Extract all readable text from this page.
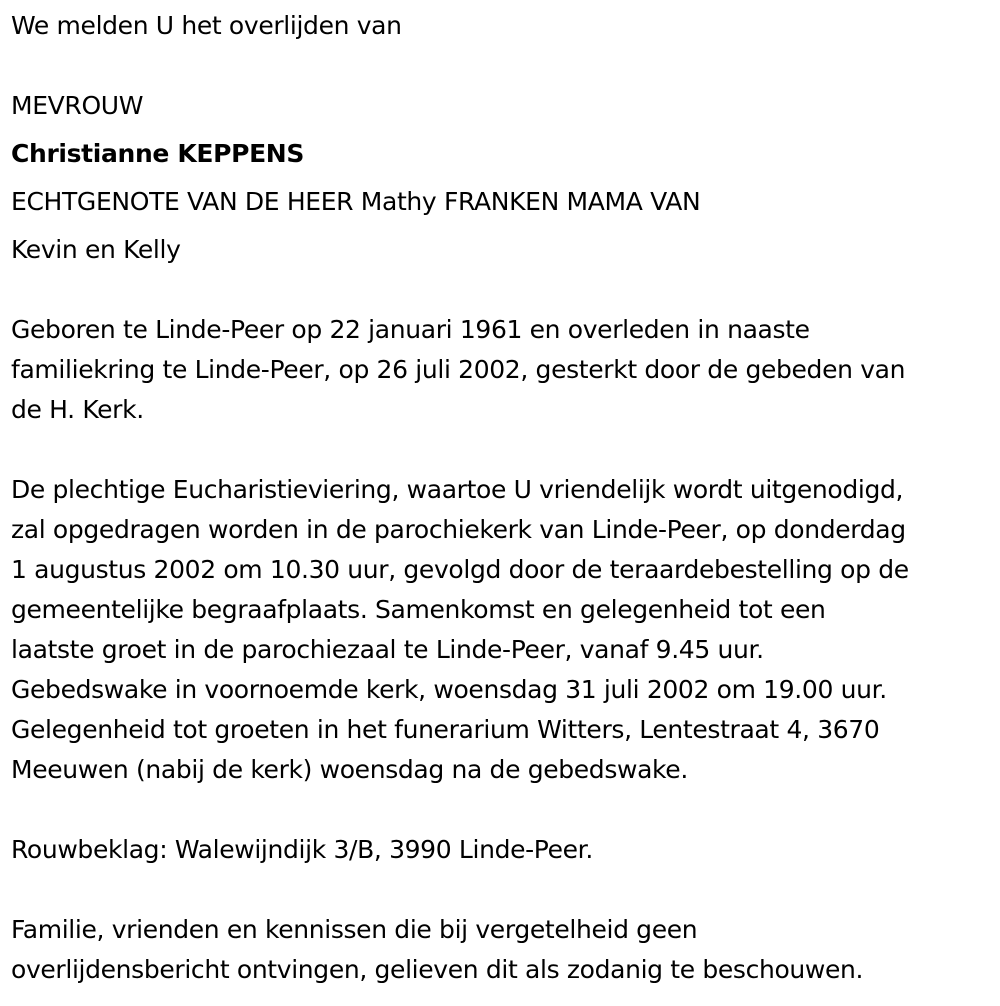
We melden U het overlijden van
MEVROUW
Christianne KEPPENS
ECHTGENOTE VAN DE HEER Mathy FRANKEN MAMA VAN
Kevin en Kelly
Geboren te Linde-Peer op 22 januari 1961 en overleden in naaste
familiekring te Linde-Peer, op 26 juli 2002, gesterkt door de gebeden van
de H. Kerk.
De plechtige Eucharistieviering, waartoe U vriendelijk wordt uitgenodigd,
zal opgedragen worden in de parochiekerk van Linde-Peer, op donderdag
1 augustus 2002 om 10.30 uur, gevolgd door de teraardebestelling op de
gemeentelijke begraafplaats. Samenkomst en gelegenheid tot een
laatste groet in de parochiezaal te Linde-Peer, vanaf 9.45 uur.
Gebedswake in voornoemde kerk, woensdag 31 juli 2002 om 19.00 uur.
Gelegenheid tot groeten in het funerarium Witters, Lentestraat 4, 3670
Meeuwen (nabij de kerk) woensdag na de gebedswake.
Rouwbeklag: Walewijndijk 3/B, 3990 Linde-Peer.
Familie, vrienden en kennissen die bij vergetelheid geen
overlijdensbericht ontvingen, gelieven dit als zodanig te beschouwen.
